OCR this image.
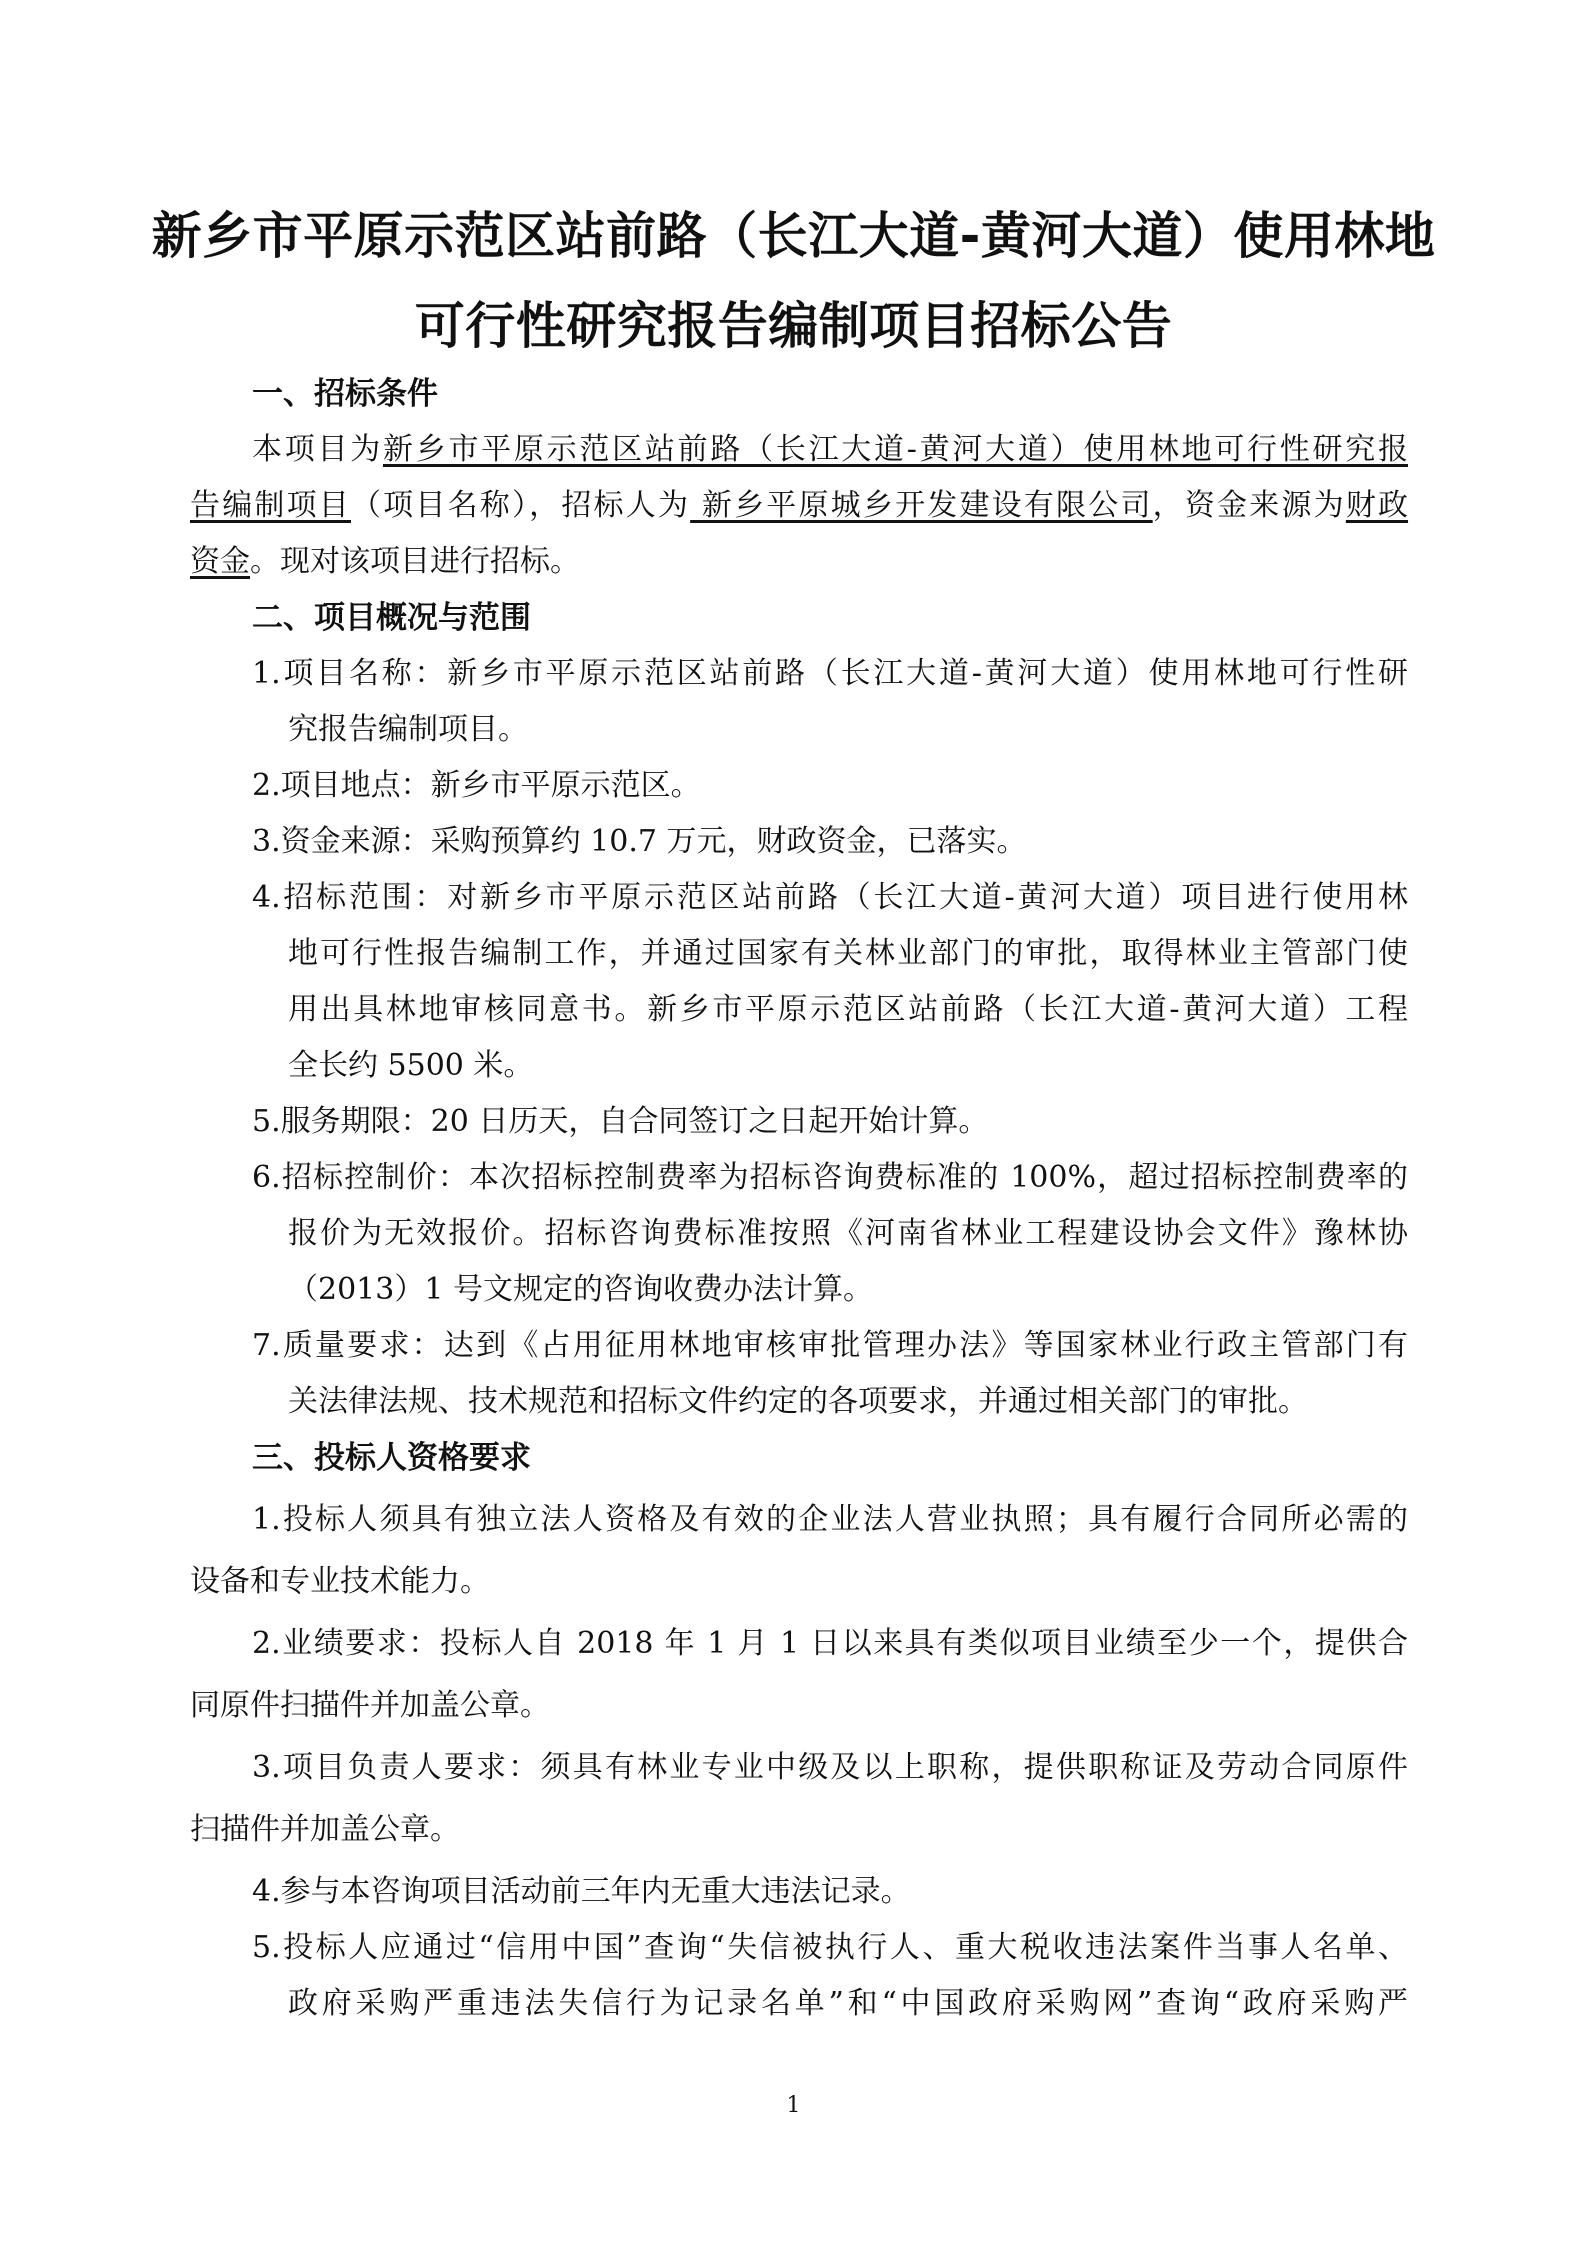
新乡市平原示范区站前路（长江大道-黄河大道）使用林地
可行性研究报告编制项目招标公告
一、招标条件
本项目为新乡市平原示范区站前路（长江大道-黄河大道）使用林地可行性研究报
告编制项目（项目名称），招标人为 新乡平原城乡开发建设有限公司，资金来源为财政
资金。现对该项目进行招标。
二、项目概况与范围
1.项目名称：新乡市平原示范区站前路（长江大道-黄河大道）使用林地可行性研
究报告编制项目。
2.项目地点：新乡市平原示范区。
3.资金来源：采购预算约 10.7 万元，财政资金，已落实。
4.招标范围：对新乡市平原示范区站前路（长江大道-黄河大道）项目进行使用林
地可行性报告编制工作，并通过国家有关林业部门的审批，取得林业主管部门使
用出具林地审核同意书。新乡市平原示范区站前路（长江大道-黄河大道）工程
全长约 5500 米。
5.服务期限：20 日历天，自合同签订之日起开始计算。
6.招标控制价：本次招标控制费率为招标咨询费标准的 100%，超过招标控制费率的
报价为无效报价。招标咨询费标准按照《河南省林业工程建设协会文件》豫林协
（2013）1 号文规定的咨询收费办法计算。
7.质量要求：达到《占用征用林地审核审批管理办法》等国家林业行政主管部门有
关法律法规、技术规范和招标文件约定的各项要求，并通过相关部门的审批。
三、投标人资格要求
1.投标人须具有独立法人资格及有效的企业法人营业执照；具有履行合同所必需的
设备和专业技术能力。
2.业绩要求：投标人自 2018 年 1 月 1 日以来具有类似项目业绩至少一个，提供合
同原件扫描件并加盖公章。
3.项目负责人要求：须具有林业专业中级及以上职称，提供职称证及劳动合同原件
扫描件并加盖公章。
4.参与本咨询项目活动前三年内无重大违法记录。
5.投标人应通过“信用中国”查询“失信被执行人、重大税收违法案件当事人名单、
政府采购严重违法失信行为记录名单”和“中国政府采购网”查询“政府采购严
1
